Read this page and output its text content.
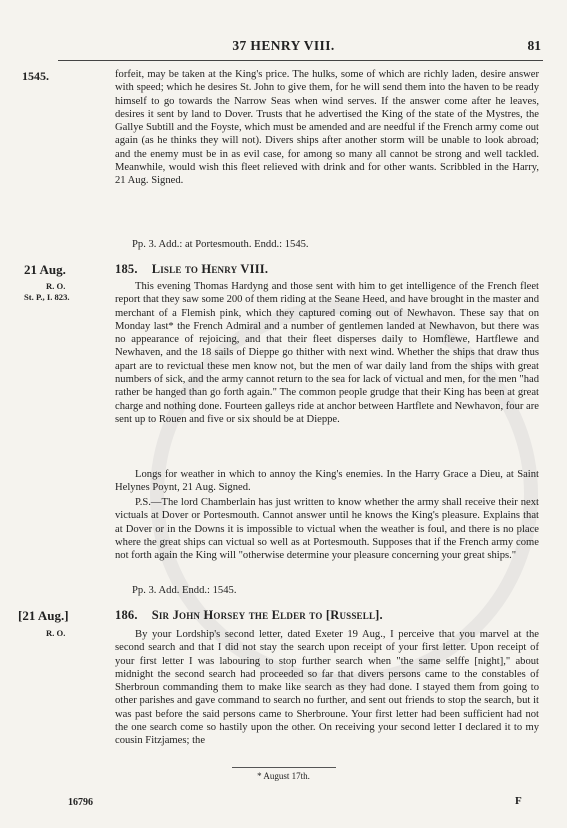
37 HENRY VIII.	81
1545.	forfeit, may be taken at the King's price. The hulks, some of which are richly laden, desire answer with speed; which he desires St. John to give them, for he will send them into the haven to be ready himself to go towards the Narrow Seas when wind serves. If the answer come after he leaves, desires it sent by land to Dover. Trusts that he advertised the King of the state of the Mystres, the Gallye Subtill and the Foyste, which must be amended and are needful if the French army come out again (as he thinks they will not). Divers ships after another storm will be unable to look abroad; and the enemy must be in as evil case, for among so many all cannot be strong and well tackled. Meanwhile, would wish this fleet relieved with drink and for other wants. Scribbled in the Harry, 21 Aug. Signed.
Pp. 3. Add.: at Portesmouth. Endd.: 1545.
21 Aug.	185. Lisle to Henry VIII.
R. O.
St. P., I. 823.
This evening Thomas Hardyng and those sent with him to get intelligence of the French fleet report that they saw some 200 of them riding at the Seane Heed, and have brought in the master and merchant of a Flemish pink, which they captured coming out of Newhavon. These say that on Monday last* the French Admiral and a number of gentlemen landed at Newhavon, but there was no appearance of rejoicing, and that their fleet disperses daily to Homflewe, Hartflewe and Newhaven, and the 18 sails of Dieppe go thither with next wind. Whether the ships that draw thus apart are to revictual these men know not, but the men of war daily land from the ships with great numbers of sick, and the army cannot return to the sea for lack of victual and men, for the men "had rather be hanged than go forth again." The common people grudge that their King has been at great charge and nothing done. Fourteen galleys ride at anchor between Hartflete and Newhavon, four are sent up to Rouen and five or six should be at Dieppe.
Longs for weather in which to annoy the King's enemies. In the Harry Grace a Dieu, at Saint Helynes Poynt, 21 Aug. Signed.
P.S.—The lord Chamberlain has just written to know whether the army shall receive their next victuals at Dover or Portesmouth. Cannot answer until he knows the King's pleasure. Explains that at Dover or in the Downs it is impossible to victual when the weather is foul, and there is no place where the great ships can victual so well as at Portesmouth. Supposes that if the French army come not forth again the King will "otherwise determine your pleasure concerning your great ships."
Pp. 3. Add. Endd.: 1545.
[21 Aug.]	186. Sir John Horsey the Elder to [Russell].
R. O.	By your Lordship's second letter, dated Exeter 19 Aug., I perceive that you marvel at the second search and that I did not stay the search upon receipt of your first letter. Upon receipt of your first letter I was labouring to stop further search when "the same selffe [night]," about midnight the second search had proceeded so far that divers persons came to the constables of Sherbroun commanding them to make like search as they had done. I stayed them from going to other parishes and gave command to search no further, and sent out friends to stop the search, but it was past before the said persons came to Sherbroune. Your first letter had been sufficient had not the one search come so hastily upon the other. On receiving your second letter I declared it to my cousin Fitzjames; the
* August 17th.
16796	F
